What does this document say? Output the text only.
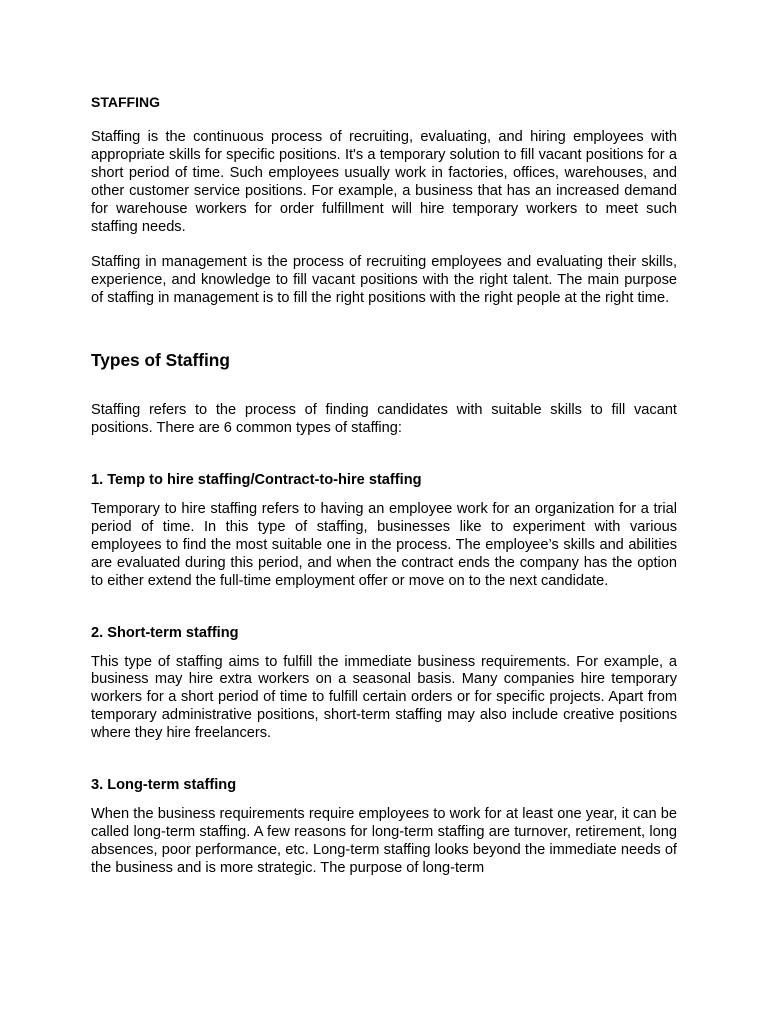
STAFFING

Staffing is the continuous process of recruiting, evaluating, and hiring employees with appropriate skills for specific positions. It's a temporary solution to fill vacant positions for a short period of time. Such employees usually work in factories, offices, warehouses, and other customer service positions. For example, a business that has an increased demand for warehouse workers for order fulfillment will hire temporary workers to meet such staffing needs.

Staffing in management is the process of recruiting employees and evaluating their skills, experience, and knowledge to fill vacant positions with the right talent. The main purpose of staffing in management is to fill the right positions with the right people at the right time.

Types of Staffing

Staffing refers to the process of finding candidates with suitable skills to fill vacant positions. There are 6 common types of staffing:

1. Temp to hire staffing/Contract-to-hire staffing

Temporary to hire staffing refers to having an employee work for an organization for a trial period of time. In this type of staffing, businesses like to experiment with various employees to find the most suitable one in the process. The employee’s skills and abilities are evaluated during this period, and when the contract ends the company has the option to either extend the full-time employment offer or move on to the next candidate.

2. Short-term staffing

This type of staffing aims to fulfill the immediate business requirements. For example, a business may hire extra workers on a seasonal basis. Many companies hire temporary workers for a short period of time to fulfill certain orders or for specific projects. Apart from temporary administrative positions, short-term staffing may also include creative positions where they hire freelancers.

3. Long-term staffing

When the business requirements require employees to work for at least one year, it can be called long-term staffing. A few reasons for long-term staffing are turnover, retirement, long absences, poor performance, etc. Long-term staffing looks beyond the immediate needs of the business and is more strategic. The purpose of long-term
